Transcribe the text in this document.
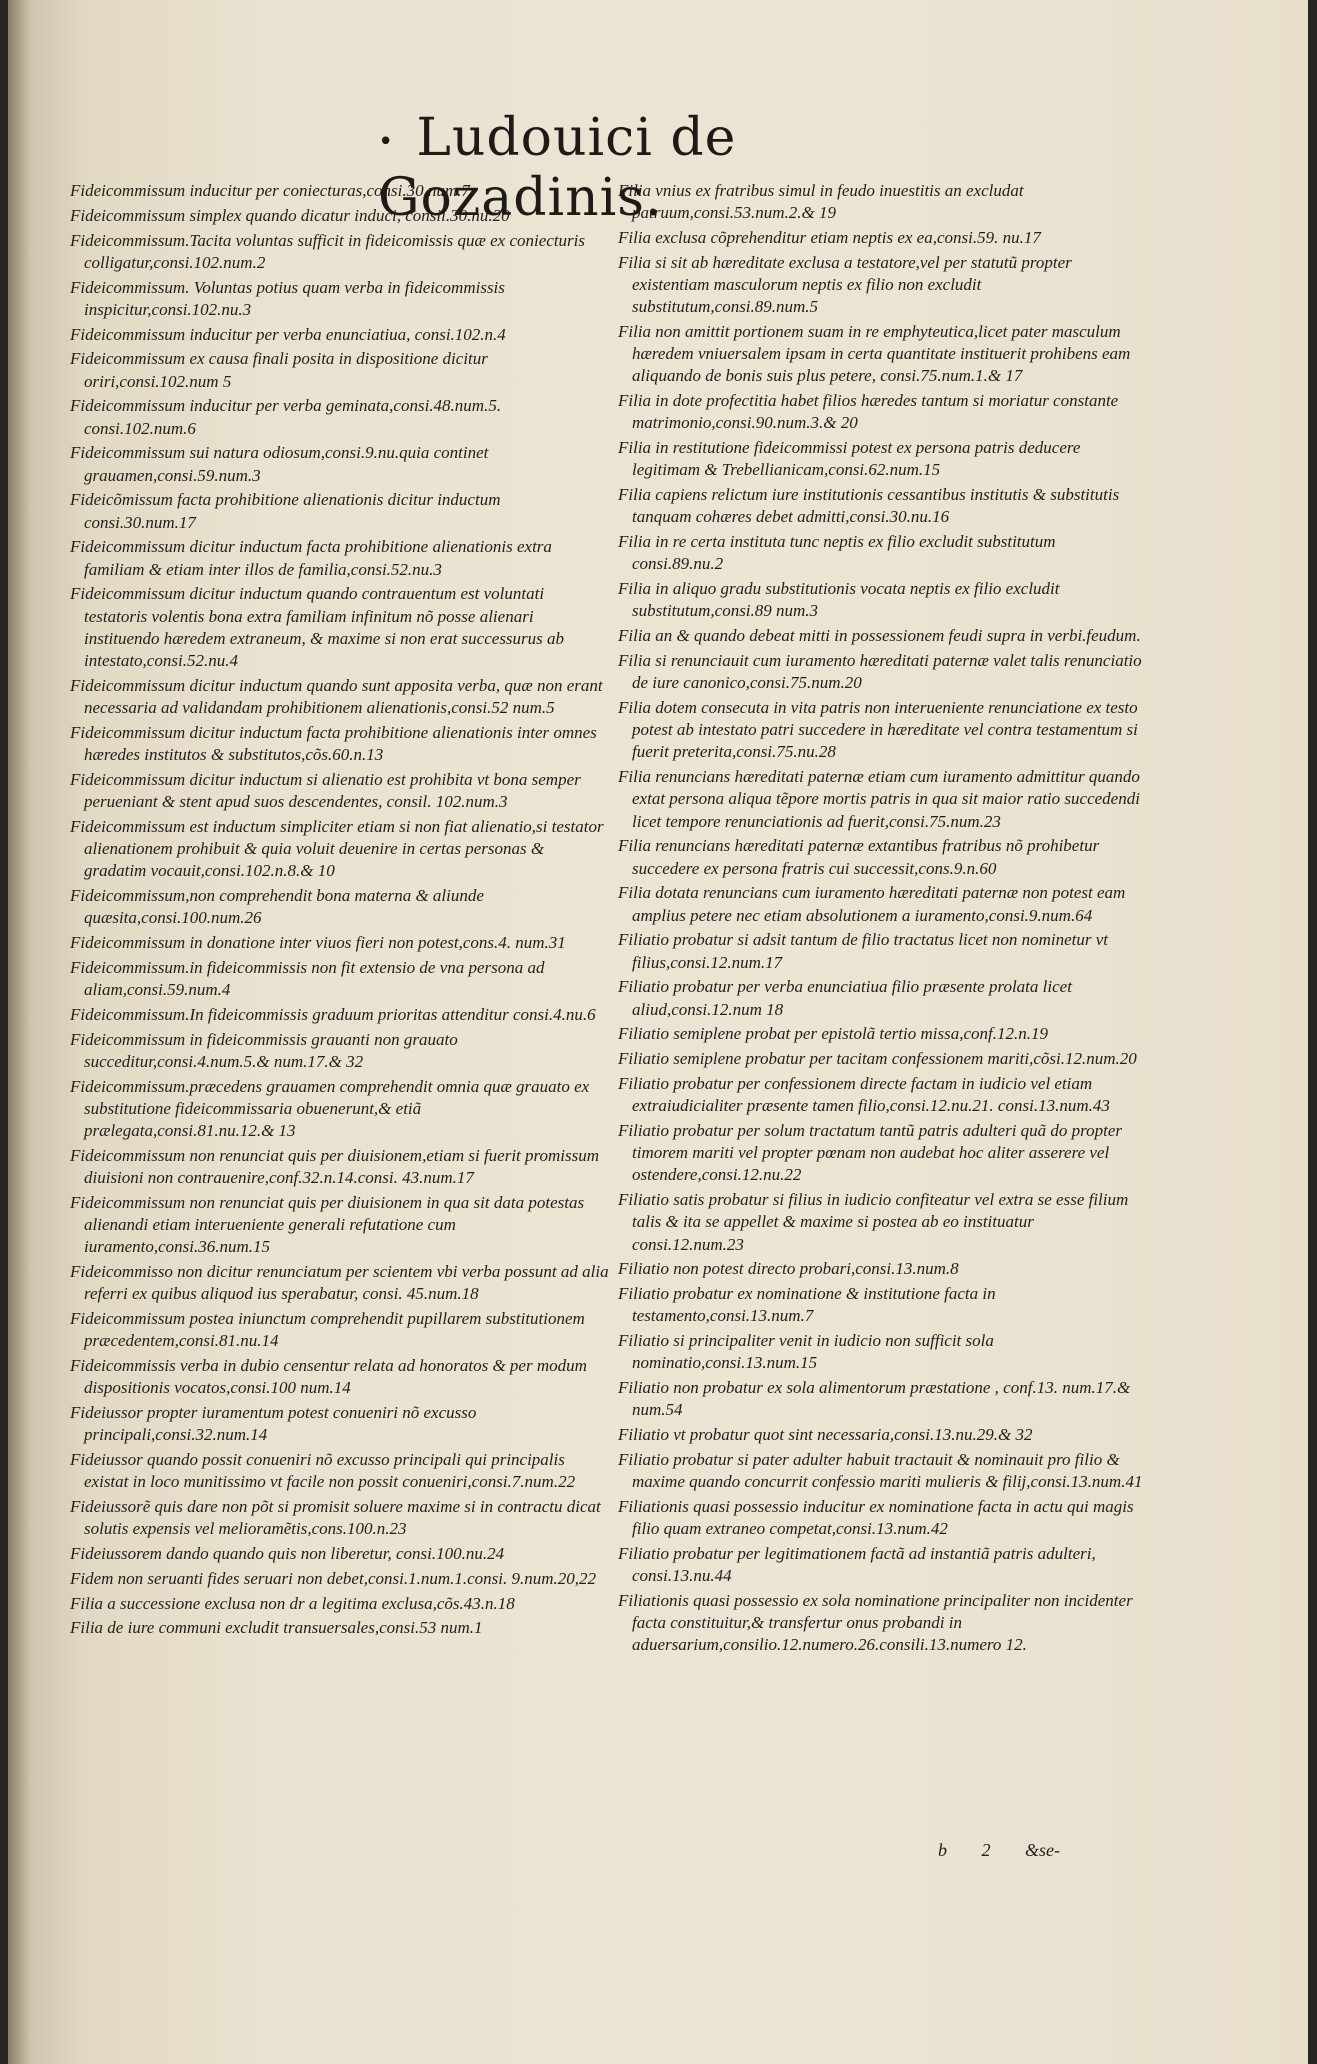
• Ludouici de Gozadinis.

Fideicommissum inducitur per coniecturas,consi.30.num.7

Fideicommissum simplex quando dicatur induci, consil.30.nu.20

Fideicommissum.Tacita voluntas sufficit in fideicomissis quæ ex coniecturis colligatur,consi.102.num.2

Fideicommissum. Voluntas potius quam verba in fideicommissis inspicitur,consi.102.nu.3

Fideicommissum inducitur per verba enunciatiua, consi.102.n.4

Fideicommissum ex causa finali posita in dispositione dicitur oriri,consi.102.num 5

Fideicommissum inducitur per verba geminata,consi.48.num.5. consi.102.num.6

Fideicommissum sui natura odiosum,consi.9.nu.quia continet grauamen,consi.59.num.3

Fideicõmissum facta prohibitione alienationis dicitur inductum consi.30.num.17

Fideicommissum dicitur inductum facta prohibitione alienationis extra familiam & etiam inter illos de familia,consi.52.nu.3

Fideicommissum dicitur inductum quando contrauentum est voluntati testatoris volentis bona extra familiam infinitum nõ posse alienari instituendo hæredem extraneum, & maxime si non erat successurus ab intestato,consi.52.nu.4

Fideicommissum dicitur inductum quando sunt apposita verba, quæ non erant necessaria ad validandam prohibitionem alienationis,consi.52 num.5

Fideicommissum dicitur inductum facta prohibitione alienationis inter omnes hæredes institutos & substitutos,cõs.60.n.13

Fideicommissum dicitur inductum si alienatio est prohibita vt bona semper perueniant & stent apud suos descendentes, consil. 102.num.3

Fideicommissum est inductum simpliciter etiam si non fiat alienatio,si testator alienationem prohibuit & quia voluit deuenire in certas personas & gradatim vocauit,consi.102.n.8.& 10

Fideicommissum,non comprehendit bona materna & aliunde quæsita,consi.100.num.26

Fideicommissum in donatione inter viuos fieri non potest,cons.4. num.31

Fideicommissum.in fideicommissis non fit extensio de vna persona ad aliam,consi.59.num.4

Fideicommissum.In fideicommissis graduum prioritas attenditur consi.4.nu.6

Fideicommissum in fideicommissis grauanti non grauato succeditur,consi.4.num.5.& num.17.& 32

Fideicommissum.præcedens grauamen comprehendit omnia quæ grauato ex substitutione fideicommissaria obuenerunt,& etiã prælegata,consi.81.nu.12.& 13

Fideicommissum non renunciat quis per diuisionem,etiam si fuerit promissum diuisioni non contrauenire,conf.32.n.14.consi. 43.num.17

Fideicommissum non renunciat quis per diuisionem in qua sit data potestas alienandi etiam interueniente generali refutatione cum iuramento,consi.36.num.15

Fideicommisso non dicitur renunciatum per scientem vbi verba possunt ad alia referri ex quibus aliquod ius sperabatur, consi. 45.num.18

Fideicommissum postea iniunctum comprehendit pupillarem substitutionem præcedentem,consi.81.nu.14

Fideicommissis verba in dubio censentur relata ad honoratos & per modum dispositionis vocatos,consi.100 num.14

Fideiussor propter iuramentum potest conueniri nõ excusso principali,consi.32.num.14

Fideiussor quando possit conueniri nõ excusso principali qui principalis existat in loco munitissimo vt facile non possit conueniri,consi.7.num.22

Fideiussorẽ quis dare non põt si promisit soluere maxime si in contractu dicat solutis expensis vel melioramẽtis,cons.100.n.23

Fideiussorem dando quando quis non liberetur, consi.100.nu.24

Fidem non seruanti fides seruari non debet,consi.1.num.1.consi. 9.num.20,22

Filia a successione exclusa non dr a legitima exclusa,cõs.43.n.18

Filia de iure communi excludit transuersales,consi.53 num.1

Filia vnius ex fratribus simul in feudo inuestitis an excludat patruum,consi.53.num.2.& 19

Filia exclusa cõprehenditur etiam neptis ex ea,consi.59. nu.17

Filia si sit ab hæreditate exclusa a testatore,vel per statutũ propter existentiam masculorum neptis ex filio non excludit substitutum,consi.89.num.5

Filia non amittit portionem suam in re emphyteutica,licet pater masculum hæredem vniuersalem ipsam in certa quantitate instituerit prohibens eam aliquando de bonis suis plus petere, consi.75.num.1.& 17

Filia in dote profectitia habet filios hæredes tantum si moriatur constante matrimonio,consi.90.num.3.& 20

Filia in restitutione fideicommissi potest ex persona patris deducere legitimam & Trebellianicam,consi.62.num.15

Filia capiens relictum iure institutionis cessantibus institutis & substitutis tanquam cohæres debet admitti,consi.30.nu.16

Filia in re certa instituta tunc neptis ex filio excludit substitutum consi.89.nu.2

Filia in aliquo gradu substitutionis vocata neptis ex filio excludit substitutum,consi.89 num.3

Filia an & quando debeat mitti in possessionem feudi supra in verbi.feudum.

Filia si renunciauit cum iuramento hæreditati paternæ valet talis renunciatio de iure canonico,consi.75.num.20

Filia dotem consecuta in vita patris non interueniente renunciatione ex testo potest ab intestato patri succedere in hæreditate vel contra testamentum si fuerit preterita,consi.75.nu.28

Filia renuncians hæreditati paternæ etiam cum iuramento admittitur quando extat persona aliqua tẽpore mortis patris in qua sit maior ratio succedendi licet tempore renunciationis ad fuerit,consi.75.num.23

Filia renuncians hæreditati paternæ extantibus fratribus nõ prohibetur succedere ex persona fratris cui successit,cons.9.n.60

Filia dotata renuncians cum iuramento hæreditati paternæ non potest eam amplius petere nec etiam absolutionem a iuramento,consi.9.num.64

Filiatio probatur si adsit tantum de filio tractatus licet non nominetur vt filius,consi.12.num.17

Filiatio probatur per verba enunciatiua filio præsente prolata licet aliud,consi.12.num 18

Filiatio semiplene probat per epistolã tertio missa,conf.12.n.19

Filiatio semiplene probatur per tacitam confessionem mariti,cõsi.12.num.20

Filiatio probatur per confessionem directe factam in iudicio vel etiam extraiudicialiter præsente tamen filio,consi.12.nu.21. consi.13.num.43

Filiatio probatur per solum tractatum tantũ patris adulteri quã do propter timorem mariti vel propter pœnam non audebat hoc aliter asserere vel ostendere,consi.12.nu.22

Filiatio satis probatur si filius in iudicio confiteatur vel extra se esse filium talis & ita se appellet & maxime si postea ab eo instituatur consi.12.num.23

Filiatio non potest directo probari,consi.13.num.8

Filiatio probatur ex nominatione & institutione facta in testamento,consi.13.num.7

Filiatio si principaliter venit in iudicio non sufficit sola nominatio,consi.13.num.15

Filiatio non probatur ex sola alimentorum præstatione , conf.13. num.17.& num.54

Filiatio vt probatur quot sint necessaria,consi.13.nu.29.& 32

Filiatio probatur si pater adulter habuit tractauit & nominauit pro filio & maxime quando concurrit confessio mariti mulieris & filij,consi.13.num.41

Filiationis quasi possessio inducitur ex nominatione facta in actu qui magis filio quam extraneo competat,consi.13.num.42

Filiatio probatur per legitimationem factã ad instantiã patris adulteri, consi.13.nu.44

Filiationis quasi possessio ex sola nominatione principaliter non incidenter facta constituitur,& transfertur onus probandi in aduersarium,consilio.12.numero.26.consili.13.numero 12.

b 2 &se-
